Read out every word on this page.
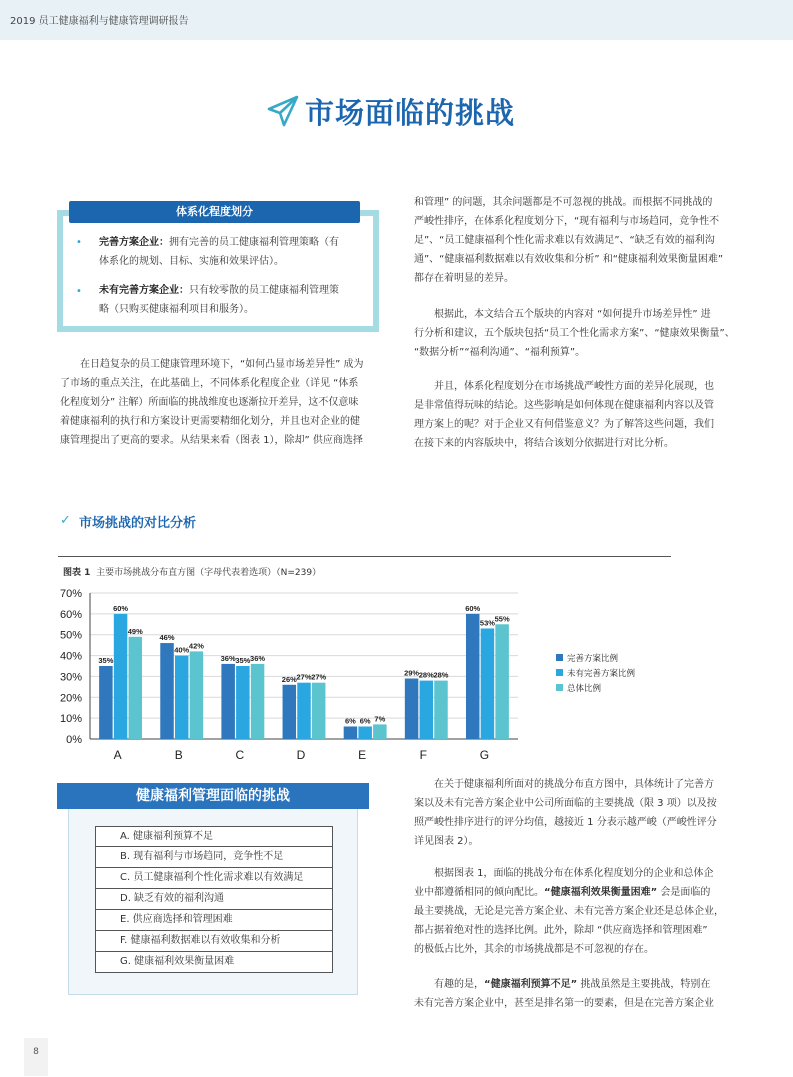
2019 员工健康福利与健康管理调研报告
市场面临的挑战
体系化程度划分
• 完善方案企业：拥有完善的员工健康福利管理策略（有
体系化的规划、目标、实施和效果评估）。
• 未有完善方案企业：只有较零散的员工健康福利管理策
略（只购买健康福利项目和服务）。
在日趋复杂的员工健康管理环境下，“如何凸显市场差异性” 成为
了市场的重点关注，在此基础上，不同体系化程度企业（详见 “体系
化程度划分” 注解）所面临的挑战维度也逐渐拉开差异，这不仅意味
着健康福利的执行和方案设计更需要精细化划分，并且也对企业的健
康管理提出了更高的要求。从结果来看（图表 1），除却” 供应商选择
和管理” 的问题，其余问题都是不可忽视的挑战。而根据不同挑战的
严峻性排序，在体系化程度划分下，“现有福利与市场趋同，竞争性不
足”、“员工健康福利个性化需求难以有效满足”、“缺乏有效的福利沟
通”、“健康福利数据难以有效收集和分析” 和“健康福利效果衡量困难”
都存在着明显的差异。
根据此，本文结合五个版块的内容对 “如何提升市场差异性” 进
行分析和建议，五个版块包括“员工个性化需求方案”、“健康效果衡量”、
“数据分析”“福利沟通”、“福利预算”。
并且，体系化程度划分在市场挑战严峻性方面的差异化展现，也
是非常值得玩味的结论。这些影响是如何体现在健康福利内容以及管
理方案上的呢？对于企业又有何借鉴意义？为了解答这些问题，我们
在接下来的内容版块中，将结合该划分依据进行对比分析。
✓ 市场挑战的对比分析
图表 1 主要市场挑战分布直方图（字母代表着选项）（N=239）
0%
10%
20%
30%
40%
50%
60%
70%
A	B	C	D	E	F	G
35%
60%
49%
46%
40% 42%
36% 35% 36%
26% 27% 27%
6% 6% 7%
29% 28% 28%
60%
53% 55%
完善方案比例
未有完善方案比例
总体比例
健康福利管理面临的挑战
A. 健康福利预算不足
B. 现有福利与市场趋同，竞争性不足
C. 员工健康福利个性化需求难以有效满足
D. 缺乏有效的福利沟通
E. 供应商选择和管理困难
F. 健康福利数据难以有效收集和分析
G. 健康福利效果衡量困难
在关于健康福利所面对的挑战分布直方图中，具体统计了完善方
案以及未有完善方案企业中公司所面临的主要挑战（限 3 项）以及按
照严峻性排序进行的评分均值，越接近 1 分表示越严峻（严峻性评分
详见图表 2）。
根据图表 1，面临的挑战分布在体系化程度划分的企业和总体企
业中都遵循相同的倾向配比。“健康福利效果衡量困难” 会是面临的
最主要挑战，无论是完善方案企业、未有完善方案企业还是总体企业，
都占据着绝对性的选择比例。此外，除却 “供应商选择和管理困难”
的极低占比外，其余的市场挑战都是不可忽视的存在。
有趣的是，“健康福利预算不足” 挑战虽然是主要挑战，特别在
未有完善方案企业中，甚至是排名第一的要素，但是在完善方案企业
8
